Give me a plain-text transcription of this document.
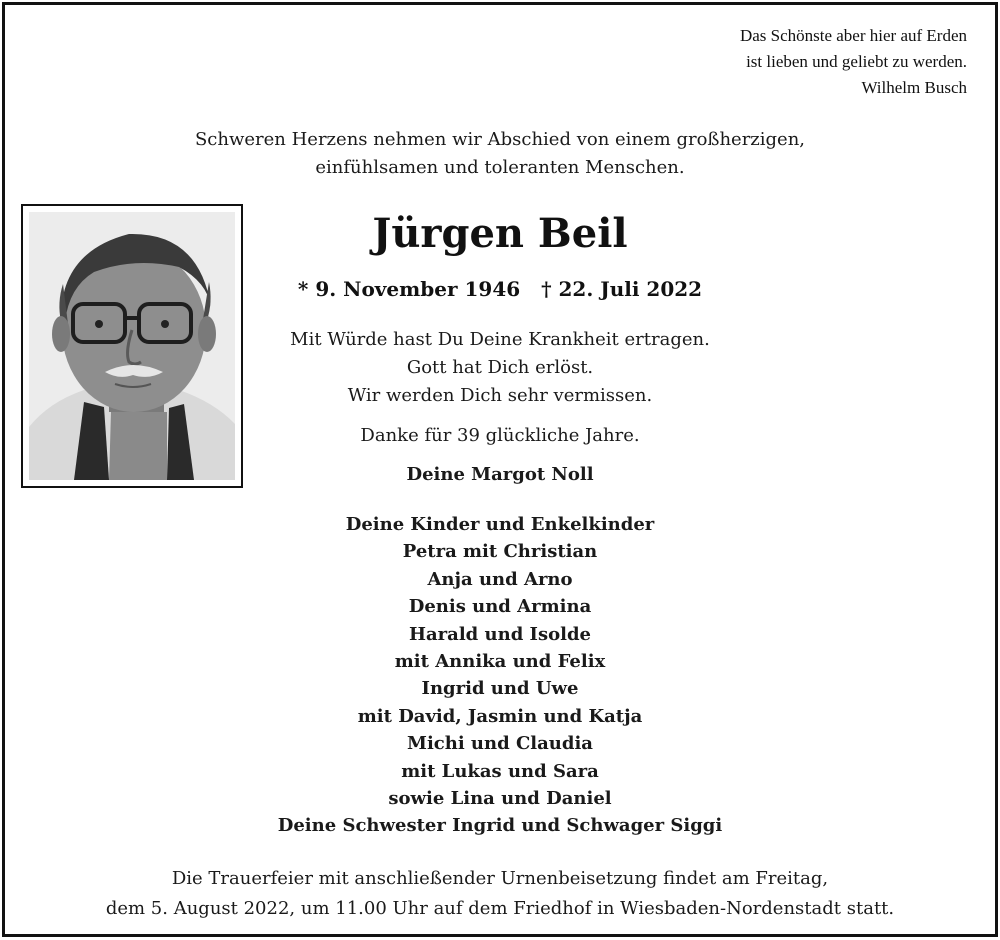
Das Schönste aber hier auf Erden
ist lieben und geliebt zu werden.
Wilhelm Busch
Schweren Herzens nehmen wir Abschied von einem großherzigen,
einfühlsamen und toleranten Menschen.
Jürgen Beil
* 9. November 1946 † 22. Juli 2022
Mit Würde hast Du Deine Krankheit ertragen.
Gott hat Dich erlöst.
Wir werden Dich sehr vermissen.
Danke für 39 glückliche Jahre.
Deine Margot Noll
Deine Kinder und Enkelkinder
Petra mit Christian
Anja und Arno
Denis und Armina
Harald und Isolde
mit Annika und Felix
Ingrid und Uwe
mit David, Jasmin und Katja
Michi und Claudia
mit Lukas und Sara
sowie Lina und Daniel
Deine Schwester Ingrid und Schwager Siggi
Die Trauerfeier mit anschließender Urnenbeisetzung findet am Freitag,
dem 5. August 2022, um 11.00 Uhr auf dem Friedhof in Wiesbaden-Nordenstadt statt.
